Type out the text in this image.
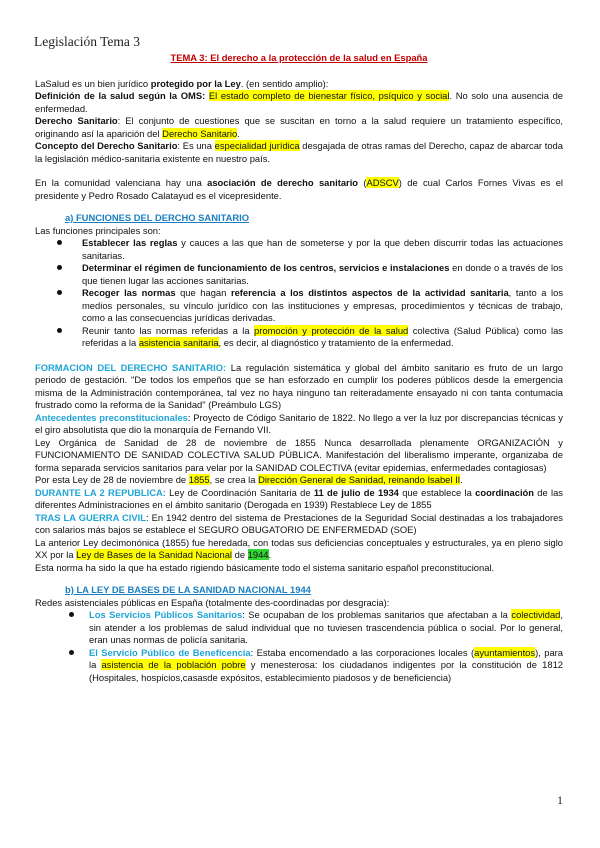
Legislación Tema 3

TEMA 3: El derecho a la protección de la salud en España

LaSalud es un bien jurídico protegido por la Ley. (en sentido amplio):

Definición de la salud según la OMS: El estado completo de bienestar físico, psíquico y social. No solo una ausencia de enfermedad.

Derecho Sanitario: El conjunto de cuestiones que se suscitan en torno a la salud requiere un tratamiento específico, originando así la aparición del Derecho Sanitario.

Concepto del Derecho Sanitario: Es una especialidad jurídica desgajada de otras ramas del Derecho, capaz de abarcar toda la legislación médico-sanitaria existente en nuestro país.

En la comunidad valenciana hay una asociación de derecho sanitario (ADSCV) de cual Carlos Fornes Vivas es el presidente y Pedro Rosado Calatayud es el vicepresidente.

a) FUNCIONES DEL DERCHO SANITARIO

Las funciones principales son:

Establecer las reglas y cauces a las que han de someterse y por la que deben discurrir todas las actuaciones sanitarias.
Determinar el régimen de funcionamiento de los centros, servicios e instalaciones en donde o a través de los que tienen lugar las acciones sanitarias.
Recoger las normas que hagan referencia a los distintos aspectos de la actividad sanitaria, tanto a los medios personales, su vínculo jurídico con las instituciones y empresas, procedimientos y técnicas de trabajo, como a las consecuencias jurídicas derivadas.
Reunir tanto las normas referidas a la promoción y protección de la salud colectiva (Salud Pública) como las referidas a la asistencia sanitaria, es decir, al diagnóstico y tratamiento de la enfermedad.

FORMACION DEL DERECHO SANITARIO: La regulación sistemática y global del ámbito sanitario es fruto de un largo periodo de gestación. "De todos los empeños que se han esforzado en cumplir los poderes públicos desde la emergencia misma de la Administración contemporánea, tal vez no haya ninguno tan reiteradamente ensayado ni con tanta contumacia frustrado como la reforma de la Sanidad" (Preámbulo LGS)

Antecedentes preconstitucionales: Proyecto de Código Sanitario de 1822. No llego a ver la luz por discrepancias técnicas y el giro absolutista que dio la monarquía de Fernando VII.

Ley Orgánica de Sanidad de 28 de noviembre de 1855 Nunca desarrollada plenamente ORGANIZACIÓN y FUNCIONAMIENTO DE SANIDAD COLECTIVA SALUD PÚBLICA. Manifestación del liberalismo imperante, organizaba de forma separada servicios sanitarios para velar por la SANIDAD COLECTIVA (evitar epidemias, enfermedades contagiosas)

Por esta Ley de 28 de noviembre de 1855, se crea la Dirección General de Sanidad, reinando Isabel II.

DURANTE LA 2 REPUBLICA: Ley de Coordinación Sanitaria de 11 de julio de 1934 que establece la coordinación de las diferentes Administraciones en el ámbito sanitario (Derogada en 1939) Restablece Ley de 1855

TRAS LA GUERRA CIVIL: En 1942 dentro del sistema de Prestaciones de la Seguridad Social destinadas a los trabajadores con salarios más bajos se establece el SEGURO OBUGATORIO DE ENFERMEDAD (SOE)

La anterior Ley decimonónica (1855) fue heredada, con todas sus deficiencias conceptuales y estructurales, ya en pleno siglo XX por la Ley de Bases de la Sanidad Nacional de 1944.

Esta norma ha sido la que ha estado rigiendo básicamente todo el sistema sanitario español preconstitucional.

b) LA LEY DE BASES DE LA SANIDAD NACIONAL 1944

Redes asistenciales públicas en España (totalmente des-coordinadas por desgracia):

Los Servicios Públicos Sanitarios: Se ocupaban de los problemas sanitarios que afectaban a la colectividad, sin atender a los problemas de salud individual que no tuviesen trascendencia pública o social. Por lo general, eran unas normas de policía sanitaria.
El Servicio Público de Beneficencia: Estaba encomendado a las corporaciones locales (ayuntamientos), para la asistencia de la población pobre y menesterosa: los ciudadanos indigentes por la constitución de 1812 (Hospitales, hospicios,casasde expósitos, establecimiento piadosos y de beneficiencia)
1
